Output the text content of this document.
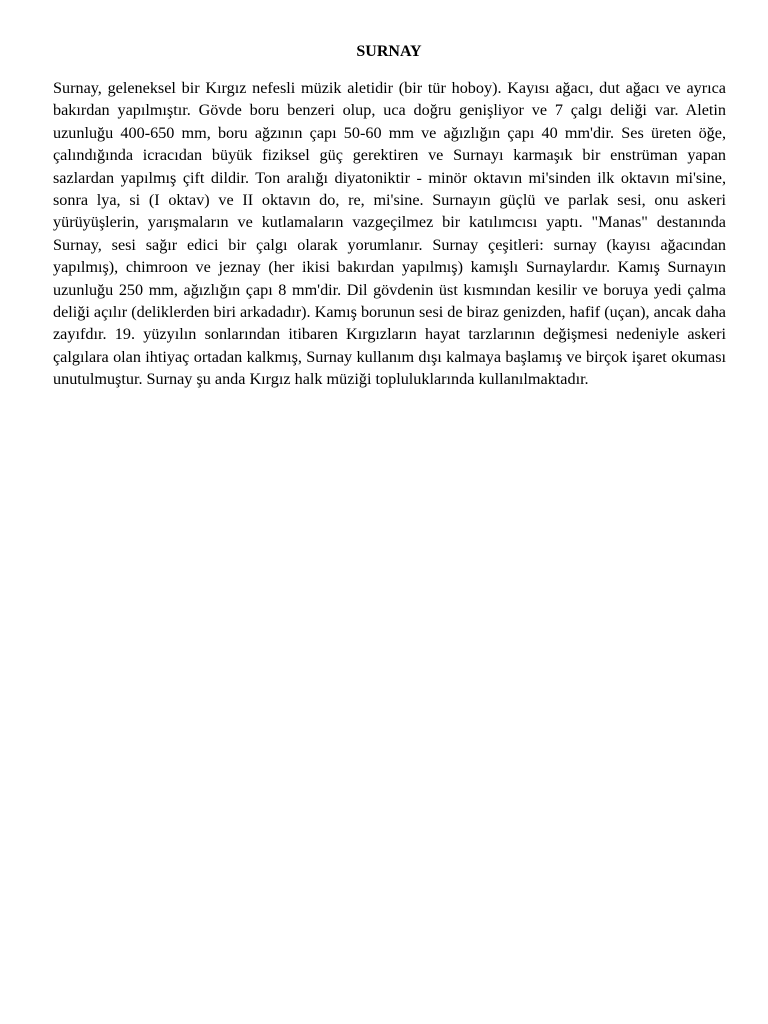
SURNAY

Surnay, geleneksel bir Kırgız nefesli müzik aletidir (bir tür hoboy). Kayısı ağacı, dut ağacı ve ayrıca bakırdan yapılmıştır. Gövde boru benzeri olup, uca doğru genişliyor ve 7 çalgı deliği var. Aletin uzunluğu 400-650 mm, boru ağzının çapı 50-60 mm ve ağızlığın çapı 40 mm'dir. Ses üreten öğe, çalındığında icracıdan büyük fiziksel güç gerektiren ve Surnayı karmaşık bir enstrüman yapan sazlardan yapılmış çift dildir. Ton aralığı diyatoniktir - minör oktavın mi'sinden ilk oktavın mi'sine, sonra lya, si (I oktav) ve II oktavın do, re, mi'sine. Surnayın güçlü ve parlak sesi, onu askeri yürüyüşlerin, yarışmaların ve kutlamaların vazgeçilmez bir katılımcısı yaptı. "Manas" destanında Surnay, sesi sağır edici bir çalgı olarak yorumlanır. Surnay çeşitleri: surnay (kayısı ağacından yapılmış), chimroon ve jeznay (her ikisi bakırdan yapılmış) kamışlı Surnaylardır. Kamış Surnayın uzunluğu 250 mm, ağızlığın çapı 8 mm'dir. Dil gövdenin üst kısmından kesilir ve boruya yedi çalma deliği açılır (deliklerden biri arkadadır). Kamış borunun sesi de biraz genizden, hafif (uçan), ancak daha zayıfdır. 19. yüzyılın sonlarından itibaren Kırgızların hayat tarzlarının değişmesi nedeniyle askeri çalgılara olan ihtiyaç ortadan kalkmış, Surnay kullanım dışı kalmaya başlamış ve birçok işaret okuması unutulmuştur. Surnay şu anda Kırgız halk müziği topluluklarında kullanılmaktadır.
